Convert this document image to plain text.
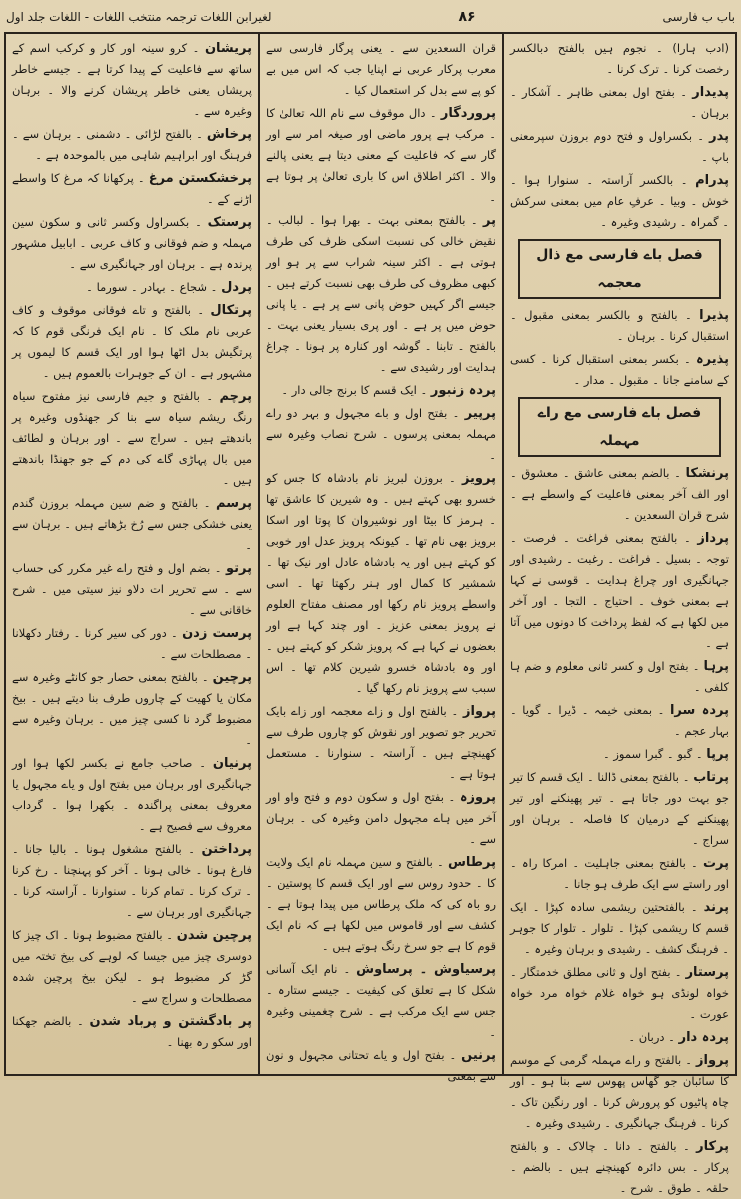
لغیرابن اللغات ترجمہ منتخب اللغات - اللغات جلد اول	۸۶	باب ب فارسی

(ادب ہارا) ۔ نجوم ہیں بالفتح دبالکسر رخصت کرنا ۔ ترک کرنا ۔

پدیدار ۔ بفتح اول بمعنی ظاہر ۔ آشکار ۔ برہان ۔

پدر ۔ بکسراول و فتح دوم بروزن سپرمعنی باپ ۔

پدرام ۔ بالکسر آراستہ ۔ سنوارا ہوا ۔ خوش ۔ وبیا ۔ عرفِ عام میں بمعنی سرکش ۔ گمراہ ۔ رشیدی وغیرہ ۔

فصل باے فارسی مع ذال معجمہ

پذیرا ۔ بالفتح و بالکسر بمعنی مقبول ۔ استقبال کرنا ۔ برہان ۔

پذیرہ ۔ بکسر بمعنی استقبال کرنا ۔ کسی کے سامنے جانا ۔ مقبول ۔ مدار ۔

فصل باے فارسی مع راے مہملہ

پرنشکا ۔ بالضم بمعنی عاشق ۔ معشوق ۔ اور الف آخر بمعنی فاعلیت کے واسطے ہے ۔ شرح قران السعدین ۔

پرداز ۔ بالفتح بمعنی فراغت ۔ فرصت ۔ توجہ ۔ بسیل ۔ فراغت ۔ رغبت ۔ رشیدی اور جہانگیری اور چراغ ہدایت ۔ قوسی نے کہا ہے بمعنی خوف ۔ احتیاج ۔ التجا ۔ اور آخر میں لکھا ہے کہ لفظ پرداخت کا دونوں میں آتا ہے ۔

پرہا ۔ بفتح اول و کسر ثانی معلوم و ضم ہا کلفی ۔

پردہ سرا ۔ بمعنی خیمہ ۔ ڈیرا ۔ گویا ۔ بہار عجم ۔

پرپا ۔ گبو ۔ گبرا سموز ۔

پرتاب ۔ بالفتح بمعنی ڈالنا ۔ ایک قسم کا تیر جو بہت دور جاتا ہے ۔ تیر پھینکنے اور تیر پھینکنے کے درمیان کا فاصلہ ۔ برہان اور سراج ۔

پرت ۔ بالفتح بمعنی جاہلیت ۔ امرکا راہ ۔ اور راستے سے ایک طرف ہو جانا ۔

پرند ۔ بالفتحتین ریشمی سادہ کپڑا ۔ ایک قسم کا ریشمی کپڑا ۔ تلوار ۔ تلوار کا جوہر ۔ فرہنگ کشف ۔ رشیدی و برہان وغیرہ ۔

پرستار ۔ بفتح اول و ثانی مطلق خدمتگار ۔ خواہ لونڈی ہو خواہ غلام خواہ مرد خواہ عورت ۔

پردہ دار ۔ دربان ۔

پرواز ۔ بالفتح و راے مہملہ گرمی کے موسم کا سائبان جو گھاس پھوس سے بنا ہو ۔ اور چاہ پاٹیوں کو پرورش کرنا ۔ اور رنگین تاک ۔ کرنا ۔ فرہنگ جہانگیری ۔ رشیدی وغیرہ ۔

پرکار ۔ بالفتح ۔ دانا ۔ چالاک ۔ و بالفتح پرکار ۔ بس دائرہ کھینچنے ہیں ۔ بالضم ۔ حلقہ ۔ طوق ۔ شرح ۔

قران السعدین سے ۔ یعنی پرگار فارسی سے معرب پرکار عربی نے اپنایا جب کہ اس میں بے کو پے سے بدل کر استعمال کیا ۔

پروردگار ۔ دال موقوف سے نام اللہ تعالیٰ کا ۔ مرکب ہے پرور ماضی اور صیغہ امر سے اور گار سے کہ فاعلیت کے معنی دیتا ہے یعنی پالنے والا ۔ اکثر اطلاق اس کا باری تعالیٰ پر ہوتا ہے ۔

پر ۔ بالفتح بمعنی بہت ۔ بھرا ہوا ۔ لبالب ۔ نقیض خالی کی نسبت اسکی ظرف کی طرف ہوتی ہے ۔ اکثر سینہ شراب سے پر ہو اور کبھی مظروف کی طرف بھی نسبت کرتے ہیں ۔ جیسے اگر کہیں حوض پانی سے پر ہے ۔ یا پانی حوض میں پر ہے ۔ اور پری بسیار یعنی بہت ۔ بالفتح ۔ تابنا ۔ گوشہ اور کنارہ پر ہونا ۔ چراغ ہدایت اور رشیدی سے ۔

پردہ زنبور ۔ ایک قسم کا برنج جالی دار ۔

پرپیر ۔ بفتح اول و باے مجہول و بہر دو راے مہملہ بمعنی پرسوں ۔ شرح نصاب وغیرہ سے ۔

پرویز ۔ بروزن لبریز نام بادشاہ کا جس کو خسرو بھی کہتے ہیں ۔ وہ شیرین کا عاشق تھا ۔ ہرمز کا بیٹا اور نوشیروان کا پوتا اور اسکا برویز بھی نام تھا ۔ کیونکہ پرویز عدل اور خوبی کو کہتے ہیں اور یہ بادشاہ عادل اور نیک تھا ۔ شمشیر کا کمال اور ہنر رکھتا تھا ۔ اسی واسطے پرویز نام رکھا اور مصنف مفتاح العلوم نے پرویز بمعنی عزیز ۔ اور چند کہا ہے اور بعضوں نے کہا ہے کہ پرویز شکر کو کہتے ہیں ۔ اور وہ بادشاہ خسرو شیرین کلام تھا ۔ اس سبب سے پرویز نام رکھا گیا ۔

پرواز ۔ بالفتح اول و زاے معجمہ اور زاے بایک تحریر جو تصویر اور نقوش کو چاروں طرف سے کھینچتے ہیں ۔ آراستہ ۔ سنوارنا ۔ مستعمل ہوتا ہے ۔

پروزہ ۔ بفتح اول و سکون دوم و فتح واو اور آخر میں ہاے مجہول دامن وغیرہ کی ۔ برہان سے ۔

پرطاس ۔ بالفتح و سین مہملہ نام ایک ولایت کا ۔ حدود روس سے اور ایک قسم کا پوستین ۔ رو باہ کی کہ ملک پرطاس میں پیدا ہوتا ہے ۔ کشف سے اور قاموس میں لکھا ہے کہ نام ایک قوم کا ہے جو سرخ رنگ ہوتے ہیں ۔

پرسیاوش ۔ پرساوش ۔ نام ایک آسانی شکل کا ہے تعلق کی کیفیت ۔ جیسے ستارہ ۔ جس سے ایک مرکب ہے ۔ شرح چغمینی وغیرہ ۔

پرنیں ۔ بفتح اول و یاے تحتانی مجہول و نون سے بمعنی

پریشان ۔ کرو سینہ اور کار و کرکب اسم کے ساتھ سے فاعلیت کے پیدا کرتا ہے ۔ جیسے خاطر پریشاں یعنی خاطر پریشان کرنے والا ۔ برہان وغیرہ سے ۔

پرخاش ۔ بالفتح لڑائی ۔ دشمنی ۔ برہان سے ۔ فرہنگ اور ابراہیم شاہی میں بالموحدہ ہے ۔

پرخشکستن مرغ ۔ پرکھانا کہ مرغ کا واسطے اڑنے کے ۔

پرستک ۔ بکسراول وکسر ثانی و سکون سین مہملہ و ضم فوقانی و کاف عربی ۔ ابابیل مشہور پرندہ ہے ۔ برہان اور جہانگیری سے ۔

پردل ۔ شجاع ۔ بہادر ۔ سورما ۔

پرتکال ۔ بالفتح و تاے فوقانی موقوف و کاف عربی نام ملک کا ۔ نام ایک فرنگی قوم کا کہ پرتگیش بدل اٹھا ہوا اور ایک قسم کا لیموں پر مشہور ہے ۔ ان کے جوہرات بالعموم ہیں ۔

پرچم ۔ بالفتح و جیم فارسی نیز مفتوح سیاہ رنگ ریشم سیاہ سے بنا کر جھنڈوں وغیرہ پر باندھتے ہیں ۔ سراج سے ۔ اور برہان و لطائف میں بال پہاڑی گاے کی دم کے جو جھنڈا باندھتے ہیں ۔

پرسم ۔ بالفتح و ضم سین مہملہ بروزن گندم یعنی خشکی جس سے رُخ بڑھاتے ہیں ۔ برہان سے ۔

پرتو ۔ بضم اول و فتح راے غیر مکرر کی حساب سے ۔ سے تحریر ات دلاو نیز سیتی میں ۔ شرح خاقانی سے ۔

پرست زدن ۔ دور کی سیر کرنا ۔ رفتار دکھلانا ۔ مصطلحات سے ۔

پرچین ۔ بالفتح بمعنی حصار جو کانٹے وغیرہ سے مکان یا کھیت کے چاروں طرف بنا دیتے ہیں ۔ بیخ مضبوط گرد نا کسی چیز میں ۔ برہان وغیرہ سے ۔

پرنیان ۔ صاحب جامع نے بکسر لکھا ہوا اور جہانگیری اور برہان میں بفتح اول و یاے مجہول یا معروف بمعنی پراگندہ ۔ بکھرا ہوا ۔ گرداب معروف سے فصیح ہے ۔

پرداختن ۔ بالفتح مشغول ہونا ۔ بالیا جانا ۔ فارغ ہونا ۔ خالی ہونا ۔ آخر کو پہنچنا ۔ رخ کرنا ۔ ترک کرنا ۔ تمام کرنا ۔ سنوارنا ۔ آراستہ کرنا ۔ جہانگیری اور برہان سے ۔

پرچین شدن ۔ بالفتح مضبوط ہونا ۔ اک چیز کا دوسری چیز میں جیسا کہ لوہے کی بیخ تختہ میں گڑ کر مضبوط ہو ۔ لیکن بیخ پرچین شدہ مصطلحات و سراج سے ۔

پر بادگشتن و پرباد شدن ۔ بالضم جھکنا اور سکو رہ بھنا ۔
